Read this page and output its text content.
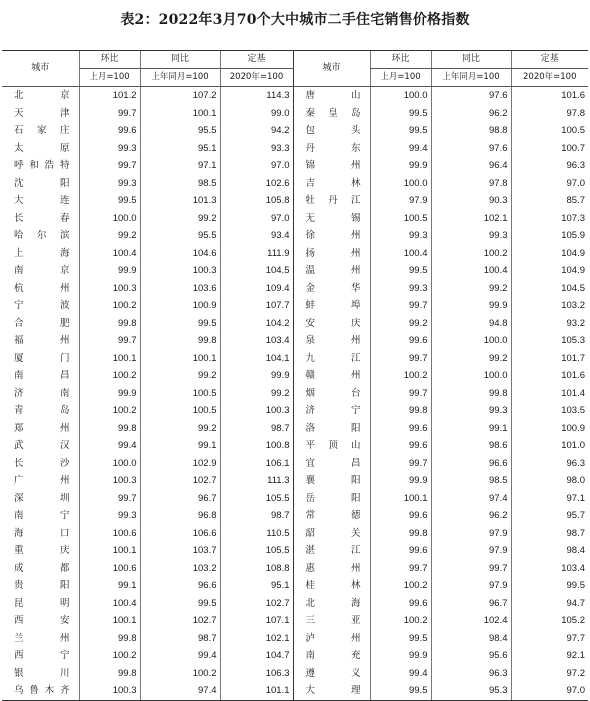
表2：2022年3月70个大中城市二手住宅销售价格指数
城市	环比	同比	定基	城市	环比	同比	定基
	上月=100	上年同月=100	2020年=100		上月=100	上年同月=100	2020年=100
北　京	101.2	107.2	114.3	唐　山	100.0	97.6	101.6
天　津	99.7	100.1	99.0	秦皇岛	99.5	96.2	97.8
石家庄	99.6	95.5	94.2	包　头	99.5	98.8	100.5
太　原	99.3	95.1	93.3	丹　东	99.4	97.6	100.7
呼和浩特	99.7	97.1	97.0	锦　州	99.9	96.4	96.3
沈　阳	99.3	98.5	102.6	吉　林	100.0	97.8	97.0
大　连	99.5	101.3	105.8	牡丹江	97.9	90.3	85.7
长　春	100.0	99.2	97.0	无　锡	100.5	102.1	107.3
哈尔滨	99.2	95.5	93.4	徐　州	99.3	99.3	105.9
上　海	100.4	104.6	111.9	扬　州	100.4	100.2	104.9
南　京	99.9	100.3	104.5	温　州	99.5	100.4	104.9
杭　州	100.3	103.6	109.4	金　华	99.3	99.2	104.5
宁　波	100.2	100.9	107.7	蚌　埠	99.7	99.9	103.2
合　肥	99.8	99.5	104.2	安　庆	99.2	94.8	93.2
福　州	99.7	99.8	103.4	泉　州	99.6	100.0	105.3
厦　门	100.1	100.1	104.1	九　江	99.7	99.2	101.7
南　昌	100.2	99.2	99.9	赣　州	100.2	100.0	101.6
济　南	99.9	100.5	99.2	烟　台	99.7	99.8	101.4
青　岛	100.2	100.5	100.3	济　宁	99.8	99.3	103.5
郑　州	99.8	99.2	98.7	洛　阳	99.6	99.1	100.9
武　汉	99.4	99.1	100.8	平顶山	99.6	98.6	101.0
长　沙	100.0	102.9	106.1	宜　昌	99.7	96.6	96.3
广　州	100.3	102.7	111.3	襄　阳	99.9	98.5	98.0
深　圳	99.7	96.7	105.5	岳　阳	100.1	97.4	97.1
南　宁	99.3	96.8	98.7	常　德	99.6	96.2	95.7
海　口	100.6	106.6	110.5	韶　关	99.8	97.9	98.7
重　庆	100.1	103.7	105.5	湛　江	99.6	97.9	98.4
成　都	100.6	103.2	108.8	惠　州	99.7	99.7	103.4
贵　阳	99.1	96.6	95.1	桂　林	100.2	97.9	99.5
昆　明	100.4	99.5	102.7	北　海	99.6	96.7	94.7
西　安	100.1	102.7	107.1	三　亚	100.2	102.4	105.2
兰　州	99.8	98.7	102.1	泸　州	99.5	98.4	97.7
西　宁	100.2	99.4	104.7	南　充	99.9	95.6	92.1
银　川	99.8	100.2	106.3	遵　义	99.4	96.3	97.2
乌鲁木齐	100.3	97.4	101.1	大　理	99.5	95.3	97.0
